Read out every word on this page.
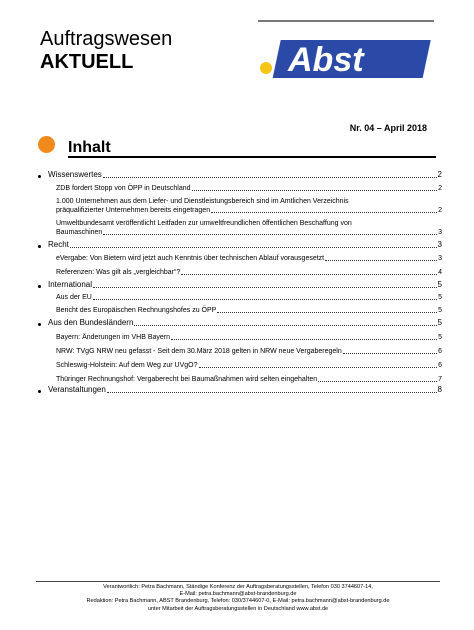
Auftragswesen
AKTUELL	Abst
Nr. 04 – April 2018
Inhalt
Wissenswertes	2
ZDB fordert Stopp von ÖPP in Deutschland	2
1.000 Unternehmen aus dem Liefer- und Dienstleistungsbereich sind im Amtlichen Verzeichnis
präqualifizierter Unternehmen bereits eingetragen	2
Umweltbundesamt veröffentlicht Leitfaden zur umweltfreundlichen öffentlichen Beschaffung von
Baumaschinen	3
Recht	3
eVergabe: Von Bietern wird jetzt auch Kenntnis über technischen Ablauf vorausgesetzt	3
Referenzen: Was gilt als „vergleichbar“?	4
International	5
Aus der EU	5
Bericht des Europäischen Rechnungshofes zu ÖPP	5
Aus den Bundesländern	5
Bayern: Änderungen im VHB Bayern	5
NRW: TVgG NRW neu gefasst - Seit dem 30.März 2018 gelten in NRW neue Vergaberegeln	6
Schleswig-Holstein: Auf dem Weg zur UVgO?	6
Thüringer Rechnungshof: Vergaberecht bei Baumaßnahmen wird selten eingehalten	7
Veranstaltungen	8
Verantwortlich: Petra Bachmann, Ständige Konferenz der Auftragsberatungsstellen, Telefon 030 3744607-14,
E-Mail: petra.bachmann@abst-brandenburg.de
Redaktion: Petra Bachmann, ABST Brandenburg, Telefon: 030/3744607-0, E-Mail: petra.bachmann@abst-brandenburg.de
unter Mitarbeit der Auftragsberatungsstellen in Deutschland www.abst.de
